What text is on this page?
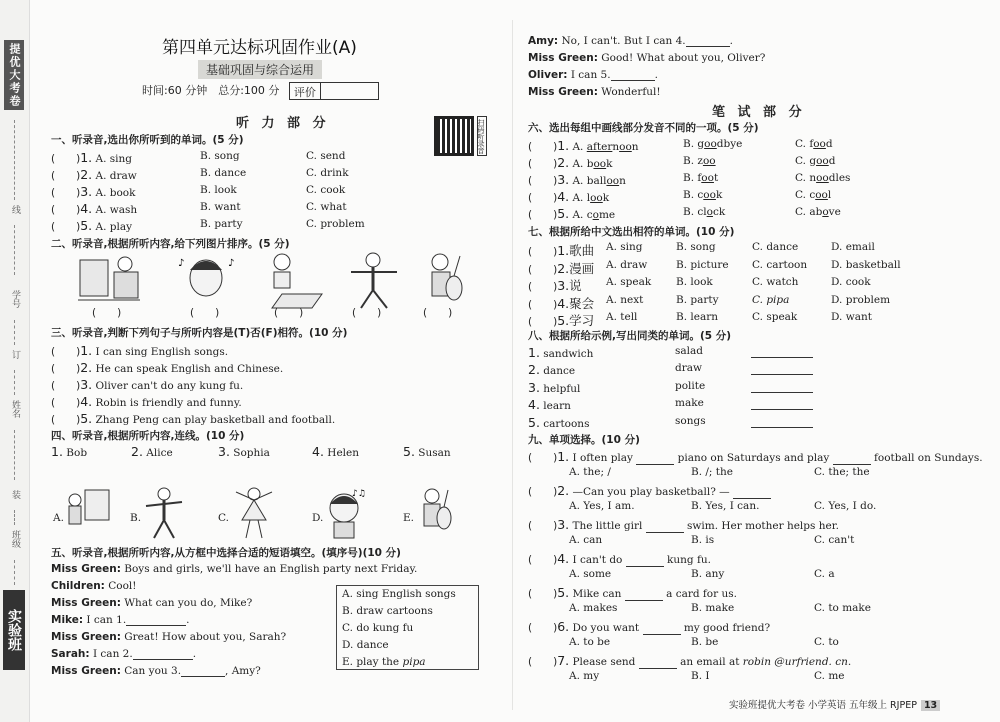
提优大考卷
线
学号
订
姓名
装
班级
实验班
第四单元达标巩固作业(A)
基础巩固与综合运用
时间:60 分钟　总分:100 分 评价
扫码听录音
听 力 部 分
一、听录音,选出你所听到的单词。(5 分)
(　　)1. A. sing	B. song	C. send
(　　)2. A. draw	B. dance	C. drink
(　　)3. A. book	B. look	C. cook
(　　)4. A. wash	B. want	C. what
(　　)5. A. play	B. party	C. problem
二、听录音,根据所听内容,给下列图片排序。(5 分)
♪	♪
(　　)	(　　)	(　　)	(　　)	(　　)
三、听录音,判断下列句子与所听内容是(T)否(F)相符。(10 分)
(　　)1. I can sing English songs.
(　　)2. He can speak English and Chinese.
(　　)3. Oliver can't do any kung fu.
(　　)4. Robin is friendly and funny.
(　　)5. Zhang Peng can play basketball and football.
四、听录音,根据所听内容,连线。(10 分)
1. Bob	2. Alice	3. Sophia	4. Helen	5. Susan
A.	B.	C.	D.
♪♫
E.
五、听录音,根据所听内容,从方框中选择合适的短语填空。(填序号)(10 分)
Miss Green: Boys and girls, we'll have an English party next Friday.
Children: Cool!
Miss Green: What can you do, Mike?
Mike: I can 1.	.
Miss Green: Great! How about you, Sarah?
Sarah: I can 2.	.
Miss Green: Can you 3.	, Amy?
A. sing English songs
B. draw cartoons
C. do kung fu
D. dance
E. play the pipa
Amy: No, I can't. But I can 4.	.
Miss Green: Good! What about you, Oliver?
Oliver: I can 5.	.
Miss Green: Wonderful!
笔 试 部 分
六、选出每组中画线部分发音不同的一项。(5 分)
(　　)1. A. afternoon	B. goodbye	C. food
(　　)2. A. book	B. zoo	C. good
(　　)3. A. balloon	B. foot	C. noodles
(　　)4. A. look	B. cook	C. cool
(　　)5. A. come	B. clock	C. above
七、根据所给中文选出相符的单词。(10 分)
(　　)1.歌曲 A. sing	B. song	C. dance	D. email
(　　)2.漫画 A. draw	B. picture C. cartoon D. basketball
(　　)3.说 A. speak B. look	C. watch	D. cook
(　　)4.聚会 A. next	B. party	C. pipa	D. problem
(　　)5.学习 A. tell	B. learn	C. speak	D. want
八、根据所给示例,写出同类的单词。(5 分)
1. sandwich	salad
2. dance	draw
3. helpful	polite
4. learn	make
5. cartoons	songs
九、单项选择。(10 分)
(　　)1. I often play	piano on Saturdays and play	football on Sundays.
A. the; /	B. /; the	C. the; the
(　　)2. —Can you play basketball? —
A. Yes, I am.	B. Yes, I can.	C. Yes, I do.
(　　)3. The little girl	swim. Her mother helps her.
A. can	B. is	C. can't
(　　)4. I can't do	kung fu.
A. some	B. any	C. a
(　　)5. Mike can	a card for us.
A. makes	B. make	C. to make
(　　)6. Do you want	my good friend?
A. to be	B. be	C. to
(　　)7. Please send	an email at robin @urfriend. cn.
A. my	B. I	C. me
实验班提优大考卷 小学英语 五年级上 RJPEP 13
